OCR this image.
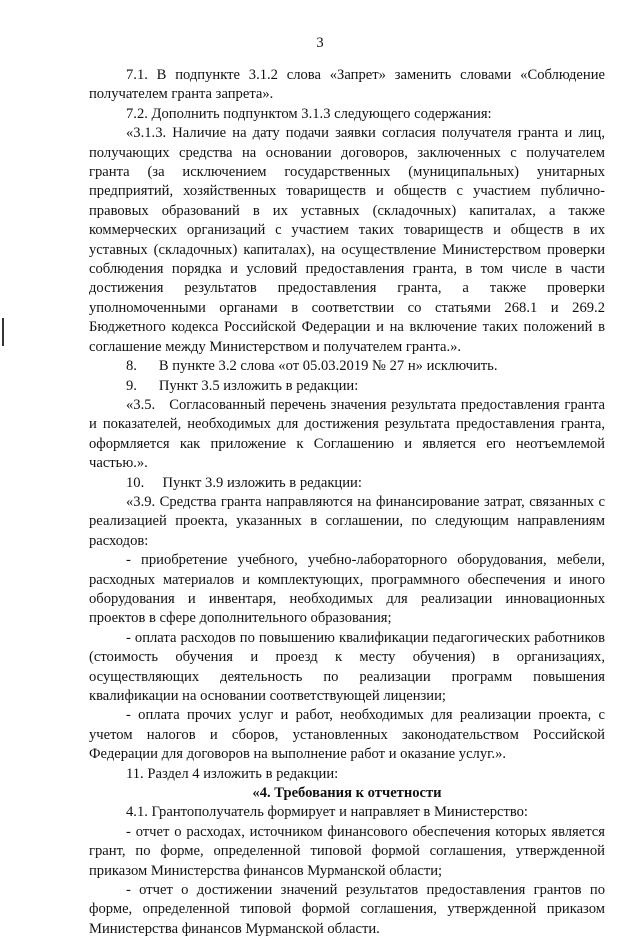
3

7.1. В подпункте 3.1.2 слова «Запрет» заменить словами «Соблюдение получателем гранта запрета».

7.2. Дополнить подпунктом 3.1.3 следующего содержания:

«3.1.3. Наличие на дату подачи заявки согласия получателя гранта и лиц, получающих средства на основании договоров, заключенных с получателем гранта (за исключением государственных (муниципальных) унитарных предприятий, хозяйственных товариществ и обществ с участием публично-правовых образований в их уставных (складочных) капиталах, а также коммерческих организаций с участием таких товариществ и обществ в их уставных (складочных) капиталах), на осуществление Министерством проверки соблюдения порядка и условий предоставления гранта, в том числе в части достижения результатов предоставления гранта, а также проверки уполномоченными органами в соответствии со статьями 268.1 и 269.2 Бюджетного кодекса Российской Федерации и на включение таких положений в соглашение между Министерством и получателем гранта.».

8.      В пункте 3.2 слова «от 05.03.2019 № 27 н» исключить.

9.      Пункт 3.5 изложить в редакции:

«3.5.   Согласованный перечень значения результата предоставления гранта и показателей, необходимых для достижения результата предоставления гранта, оформляется как приложение к Соглашению и является его неотъемлемой частью.».

10.     Пункт 3.9 изложить в редакции:

«3.9. Средства гранта направляются на финансирование затрат, связанных с реализацией проекта, указанных в соглашении, по следующим направлениям расходов:

- приобретение учебного, учебно-лабораторного оборудования, мебели, расходных материалов и комплектующих, программного обеспечения и иного оборудования и инвентаря, необходимых для реализации инновационных проектов в сфере дополнительного образования;

- оплата расходов по повышению квалификации педагогических работников (стоимость обучения и проезд к месту обучения) в организациях, осуществляющих деятельность по реализации программ повышения квалификации на основании соответствующей лицензии;

- оплата прочих услуг и работ, необходимых для реализации проекта, с учетом налогов и сборов, установленных законодательством Российской Федерации для договоров на выполнение работ и оказание услуг.».

11. Раздел 4 изложить в редакции:

«4. Требования к отчетности

4.1. Грантополучатель формирует и направляет в Министерство:

- отчет о расходах, источником финансового обеспечения которых является грант, по форме, определенной типовой формой соглашения, утвержденной приказом Министерства финансов Мурманской области;

- отчет о достижении значений результатов предоставления грантов по форме, определенной типовой формой соглашения, утвержденной приказом Министерства финансов Мурманской области.
